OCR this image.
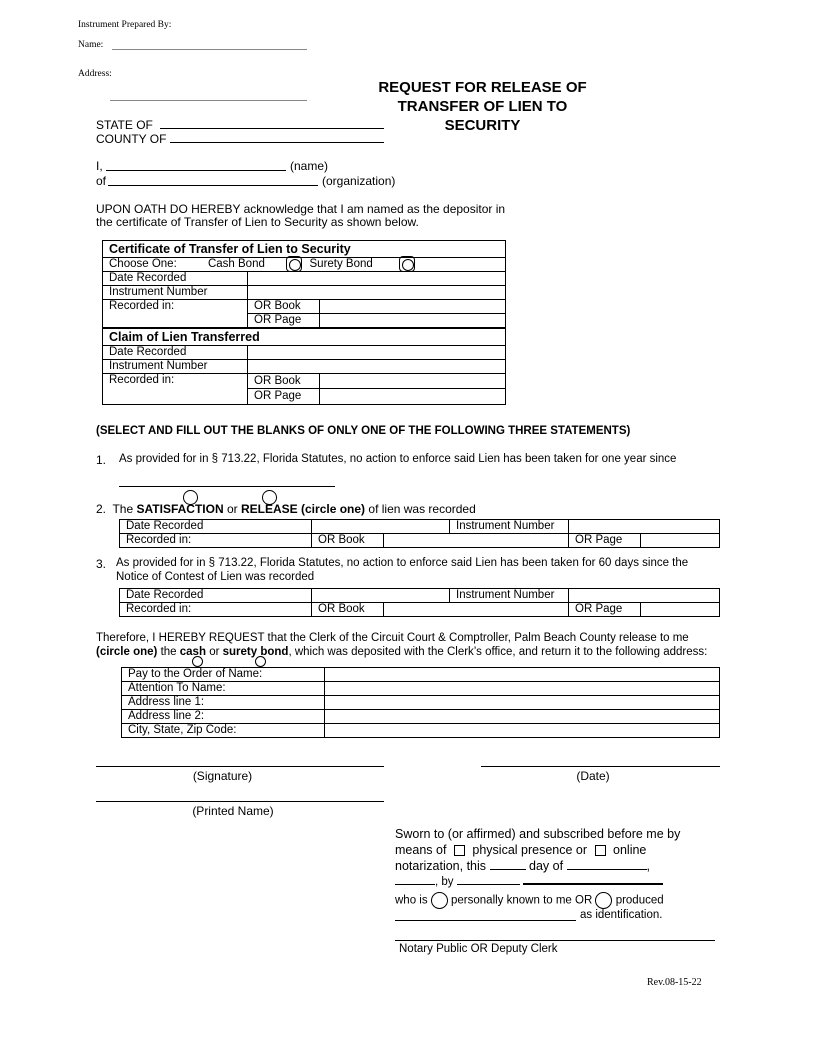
Instrument Prepared By:
Name:
Address:
REQUEST FOR RELEASE OF
TRANSFER OF LIEN TO
SECURITY
STATE OF
COUNTY OF
I,	(name)
of	(organization)
UPON OATH DO HEREBY acknowledge that I am named as the depositor in
the certificate of Transfer of Lien to Security as shown below.
Certificate of Transfer of Lien to Security		
Choose One: Cash Bond Surety Bond		

Date Recorded		
Instrument Number		
Recorded in:	OR Book	
	OR Page	
Claim of Lien Transferred		
Date Recorded		
Instrument Number		
Recorded in:	OR Book	
	OR Page	
(SELECT AND FILL OUT THE BLANKS OF ONLY ONE OF THE FOLLOWING THREE STATEMENTS)
1. As provided for in § 713.22, Florida Statutes, no action to enforce said Lien has been taken for one year since
2. The SATISFACTION or RELEASE (circle one) of lien was recorded
Date Recorded			Instrument Number		
Recorded in:	OR Book			OR Page	
3. As provided for in § 713.22, Florida Statutes, no action to enforce said Lien has been taken for 60 days since the
Notice of Contest of Lien was recorded
Date Recorded			Instrument Number		
Recorded in:	OR Book			OR Page	
Therefore, I HEREBY REQUEST that the Clerk of the Circuit Court & Comptroller, Palm Beach County release to me
(circle one) the cash or surety bond, which was deposited with the Clerk’s office, and return it to the following address:
Pay to the Order of Name:	
Attention To Name:	
Address line 1:	
Address line 2:	
City, State, Zip Code:	
(Signature)	(Date)
(Printed Name)
Sworn to (or affirmed) and subscribed before me by
means of physical presence or online
notarization, this	day of	,
, by
who is personally known to me OR produced
as identification.
Notary Public OR Deputy Clerk
Rev.08-15-22
